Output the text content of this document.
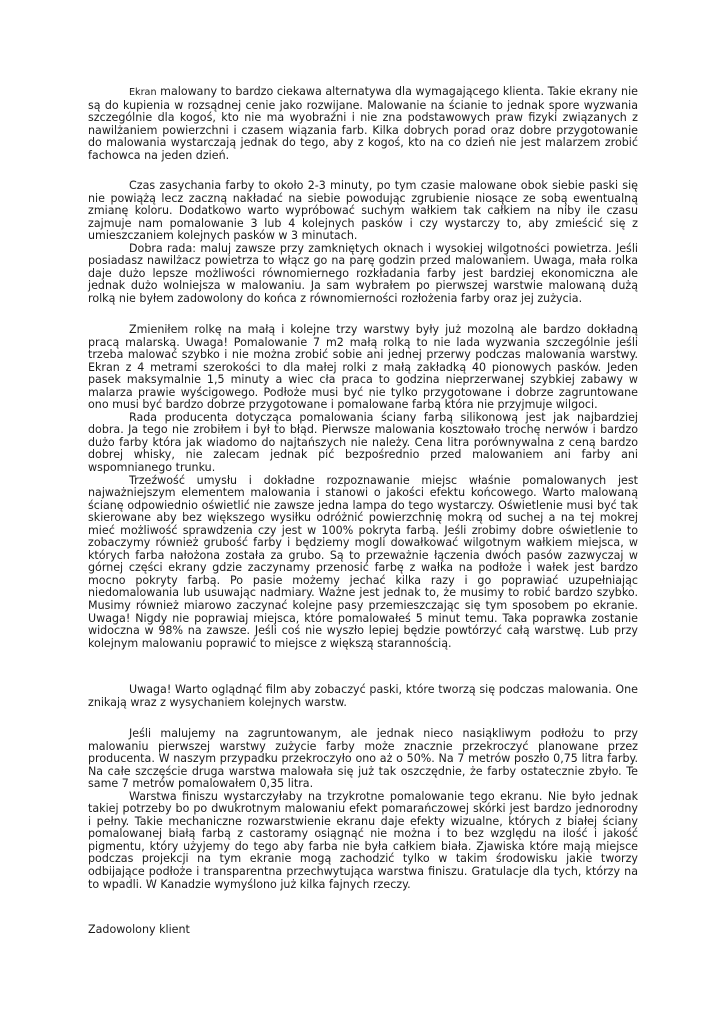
Ekran malowany to bardzo ciekawa alternatywa dla wymagającego klienta. Takie ekrany nie są do kupienia w rozsądnej cenie jako rozwijane. Malowanie na ścianie to jednak spore wyzwania szczególnie dla kogoś, kto nie ma wyobraźni i nie zna podstawowych praw fizyki związanych z nawilżaniem powierzchni i czasem wiązania farb. Kilka dobrych porad oraz dobre przygotowanie do malowania wystarczają jednak do tego, aby z kogoś, kto na co dzień nie jest malarzem zrobić fachowca na jeden dzień.

Czas zasychania farby to około 2-3 minuty, po tym czasie malowane obok siebie paski się nie powiążą lecz zaczną nakładać na siebie powodując zgrubienie niosące ze sobą ewentualną zmianę koloru. Dodatkowo warto wypróbować suchym wałkiem tak całkiem na niby ile czasu zajmuje nam pomalowanie 3 lub 4 kolejnych pasków i czy wystarczy to, aby zmieścić się z umieszczaniem kolejnych pasków w 3 minutach.

Dobra rada: maluj zawsze przy zamkniętych oknach i wysokiej wilgotności powietrza. Jeśli posiadasz nawilżacz powietrza to włącz go na parę godzin przed malowaniem. Uwaga, mała rolka daje dużo lepsze możliwości równomiernego rozkładania farby jest bardziej ekonomiczna ale jednak dużo wolniejsza w malowaniu. Ja sam wybrałem po pierwszej warstwie malowaną dużą rolką nie byłem zadowolony do końca z równomierności rozłożenia farby oraz jej zużycia.

Zmieniłem rolkę na małą i kolejne trzy warstwy były już mozolną ale bardzo dokładną pracą malarską. Uwaga! Pomalowanie 7 m2 małą rolką to nie lada wyzwania szczególnie jeśli trzeba malować szybko i nie można zrobić sobie ani jednej przerwy podczas malowania warstwy. Ekran z 4 metrami szerokości to dla małej rolki z małą zakładką 40 pionowych pasków. Jeden pasek maksymalnie 1,5 minuty a wiec cła praca to godzina nieprzerwanej szybkiej zabawy w malarza prawie wyścigowego. Podłoże musi być nie tylko przygotowane i dobrze zagruntowane ono musi być bardzo dobrze przygotowane i pomalowane farbą która nie przyjmuje wilgoci.

Rada producenta dotycząca pomalowania ściany farbą silikonową jest jak najbardziej dobra. Ja tego nie zrobiłem i był to błąd. Pierwsze malowania kosztowało trochę nerwów i bardzo dużo farby która jak wiadomo do najtańszych nie należy. Cena litra porównywalna z ceną bardzo dobrej whisky, nie zalecam jednak pić bezpośrednio przed malowaniem ani farby ani wspomnianego trunku.

Trzeźwość umysłu i dokładne rozpoznawanie miejsc właśnie pomalowanych jest najważniejszym elementem malowania i stanowi o jakości efektu końcowego. Warto malowaną ścianę odpowiednio oświetlić nie zawsze jedna lampa do tego wystarczy. Oświetlenie musi być tak skierowane aby bez większego wysiłku odróżnić powierzchnię mokrą od suchej a na tej mokrej mieć możliwość sprawdzenia czy jest w 100% pokryta farbą. Jeśli zrobimy dobre oświetlenie to zobaczymy również grubość farby i będziemy mogli dowałkować wilgotnym wałkiem miejsca, w których farba nałożona została za grubo. Są to przeważnie łączenia dwóch pasów zazwyczaj w górnej części ekrany gdzie zaczynamy przenosić farbę z wałka na podłoże i wałek jest bardzo mocno pokryty farbą. Po pasie możemy jechać kilka razy i go poprawiać uzupełniając niedomalowania lub usuwając nadmiary. Ważne jest jednak to, że musimy to robić bardzo szybko. Musimy również miarowo zaczynać kolejne pasy przemieszczając się tym sposobem po ekranie. Uwaga! Nigdy nie poprawiaj miejsca, które pomalowałeś 5 minut temu. Taka poprawka zostanie widoczna w 98% na zawsze. Jeśli coś nie wyszło lepiej będzie powtórzyć całą warstwę. Lub przy kolejnym malowaniu poprawić to miejsce z większą starannością.

Uwaga! Warto oglądnąć film aby zobaczyć paski, które tworzą się podczas malowania. One znikają wraz z wysychaniem kolejnych warstw.

Jeśli malujemy na zagruntowanym, ale jednak nieco nasiąkliwym podłożu to przy malowaniu pierwszej warstwy zużycie farby może znacznie przekroczyć planowane przez producenta. W naszym przypadku przekroczyło ono aż o 50%. Na 7 metrów poszło 0,75 litra farby. Na całe szczęście druga warstwa malowała się już tak oszczędnie, że farby ostatecznie zbyło. Te same 7 metrów pomalowałem 0,35 litra.

Warstwa finiszu wystarczyłaby na trzykrotne pomalowanie tego ekranu. Nie było jednak takiej potrzeby bo po dwukrotnym malowaniu efekt pomarańczowej skórki jest bardzo jednorodny i pełny. Takie mechaniczne rozwarstwienie ekranu daje efekty wizualne, których z białej ściany pomalowanej białą farbą z castoramy osiągnąć nie można i to bez względu na ilość i jakość pigmentu, który użyjemy do tego aby farba nie była całkiem biała. Zjawiska które mają miejsce podczas projekcji na tym ekranie mogą zachodzić tylko w takim środowisku jakie tworzy odbijające podłoże i transparentna przechwytująca warstwa finiszu. Gratulacje dla tych, którzy na to wpadli. W Kanadzie wymyślono już kilka fajnych rzeczy.

Zadowolony klient
